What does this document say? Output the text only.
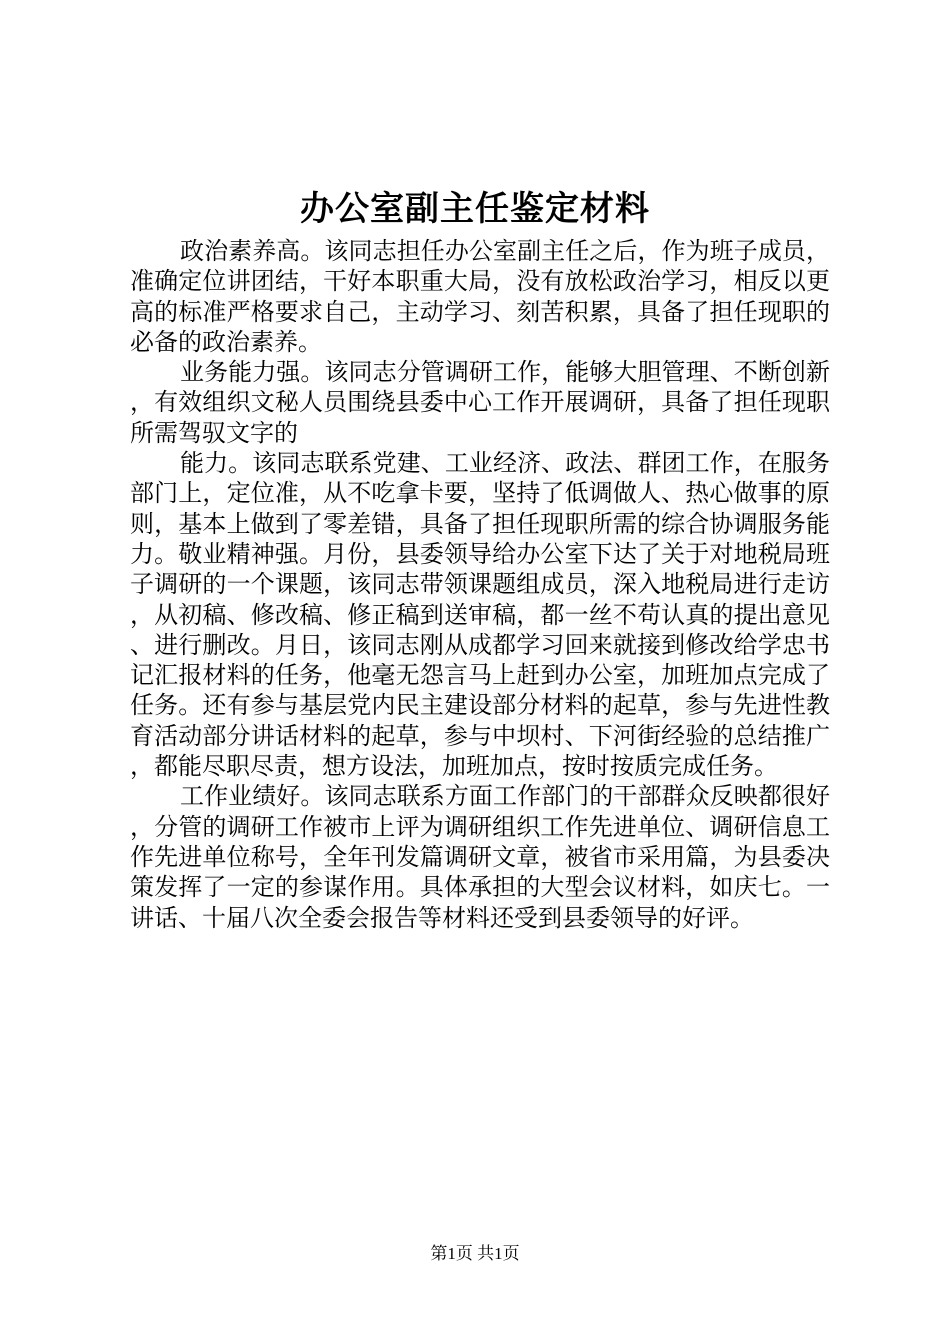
办公室副主任鉴定材料

政治素养高。该同志担任办公室副主任之后，作为班子成员，准确定位讲团结，干好本职重大局，没有放松政治学习，相反以更高的标准严格要求自己，主动学习、刻苦积累，具备了担任现职的必备的政治素养。

业务能力强。该同志分管调研工作，能够大胆管理、不断创新，有效组织文秘人员围绕县委中心工作开展调研，具备了担任现职所需驾驭文字的

能力。该同志联系党建、工业经济、政法、群团工作，在服务部门上，定位准，从不吃拿卡要，坚持了低调做人、热心做事的原则，基本上做到了零差错，具备了担任现职所需的综合协调服务能力。敬业精神强。月份，县委领导给办公室下达了关于对地税局班子调研的一个课题，该同志带领课题组成员，深入地税局进行走访，从初稿、修改稿、修正稿到送审稿，都一丝不苟认真的提出意见、进行删改。月日，该同志刚从成都学习回来就接到修改给学忠书记汇报材料的任务，他毫无怨言马上赶到办公室，加班加点完成了任务。还有参与基层党内民主建设部分材料的起草，参与先进性教育活动部分讲话材料的起草，参与中坝村、下河街经验的总结推广，都能尽职尽责，想方设法，加班加点，按时按质完成任务。

工作业绩好。该同志联系方面工作部门的干部群众反映都很好，分管的调研工作被市上评为调研组织工作先进单位、调研信息工作先进单位称号，全年刊发篇调研文章，被省市采用篇，为县委决策发挥了一定的参谋作用。具体承担的大型会议材料，如庆七。一讲话、十届八次全委会报告等材料还受到县委领导的好评。

第1页 共1页
